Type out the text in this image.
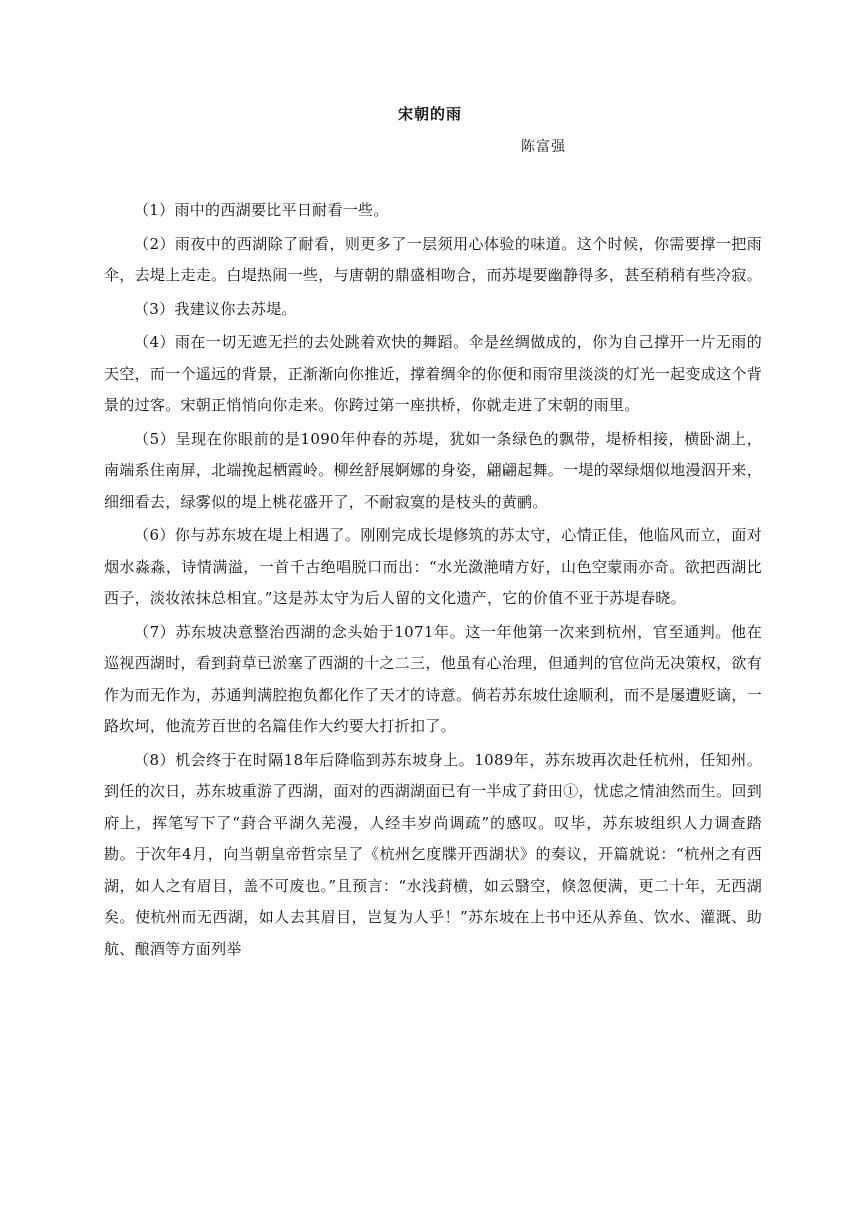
宋朝的雨
陈富强

（1）雨中的西湖要比平日耐看一些。

（2）雨夜中的西湖除了耐看，则更多了一层须用心体验的味道。这个时候，你需要撑一把雨伞，去堤上走走。白堤热闹一些，与唐朝的鼎盛相吻合，而苏堤要幽静得多，甚至稍稍有些冷寂。

（3）我建议你去苏堤。

（4）雨在一切无遮无拦的去处跳着欢快的舞蹈。伞是丝绸做成的，你为自己撑开一片无雨的天空，而一个遥远的背景，正渐渐向你推近，撑着绸伞的你便和雨帘里淡淡的灯光一起变成这个背景的过客。宋朝正悄悄向你走来。你跨过第一座拱桥，你就走进了宋朝的雨里。

（5）呈现在你眼前的是1090年仲春的苏堤，犹如一条绿色的飘带，堤桥相接，横卧湖上，南端系住南屏，北端挽起栖霞岭。柳丝舒展婀娜的身姿，翩翩起舞。一堤的翠绿烟似地漫泅开来，细细看去，绿雾似的堤上桃花盛开了，不耐寂寞的是枝头的黄鹂。

（6）你与苏东坡在堤上相遇了。刚刚完成长堤修筑的苏太守，心情正佳，他临风而立，面对烟水淼淼，诗情满溢，一首千古绝唱脱口而出：“水光潋滟晴方好，山色空蒙雨亦奇。欲把西湖比西子，淡妆浓抹总相宜。”这是苏太守为后人留的文化遗产，它的价值不亚于苏堤春晓。

（7）苏东坡决意整治西湖的念头始于1071年。这一年他第一次来到杭州，官至通判。他在巡视西湖时，看到葑草已淤塞了西湖的十之二三，他虽有心治理，但通判的官位尚无决策权，欲有作为而无作为，苏通判满腔抱负都化作了天才的诗意。倘若苏东坡仕途顺利，而不是屡遭贬谪，一路坎坷，他流芳百世的名篇佳作大约要大打折扣了。

（8）机会终于在时隔18年后降临到苏东坡身上。1089年，苏东坡再次赴任杭州，任知州。到任的次日，苏东坡重游了西湖，面对的西湖湖面已有一半成了葑田①，忧虑之情油然而生。回到府上，挥笔写下了“葑合平湖久芜漫，人经丰岁尚调疏”的感叹。叹毕，苏东坡组织人力调查踏勘。于次年4月，向当朝皇帝哲宗呈了《杭州乞度牒开西湖状》的奏议，开篇就说：“杭州之有西湖，如人之有眉目，盖不可废也。”且预言：“水浅葑横，如云翳空，倏忽便满，更二十年，无西湖矣。使杭州而无西湖，如人去其眉目，岂复为人乎！”苏东坡在上书中还从养鱼、饮水、灌溉、助航、酿酒等方面列举
